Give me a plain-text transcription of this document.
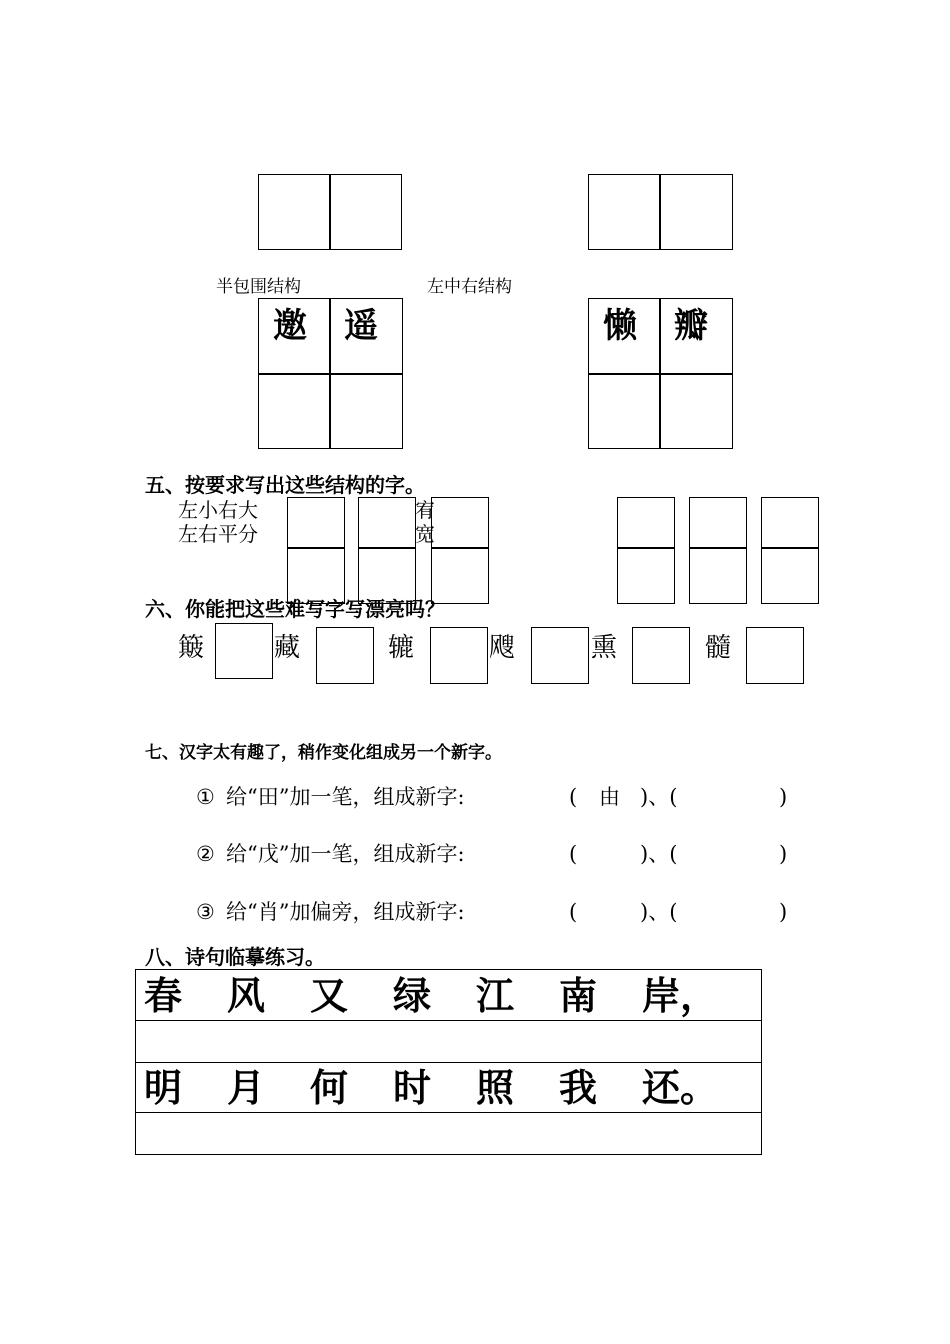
半包围结构	左中右结构
邀	遥	懒	瓣
五、按要求写出这些结构的字。
左小右大
左右平分
宥
宽
六、你能把这些难写字写漂亮吗？
簸	藏	辘	飕	熏	髓
七、汉字太有趣了，稍作变化组成另一个新字。
① 给“田”加一笔，组成新字:	( 由 )、(	)
② 给“戊”加一笔，组成新字:	(	)、(	)
③ 给“肖”加偏旁，组成新字:	(	)、(	)
八、诗句临摹练习。
春	风	又	绿	江	南	岸，
明	月	何	时	照	我	还。
